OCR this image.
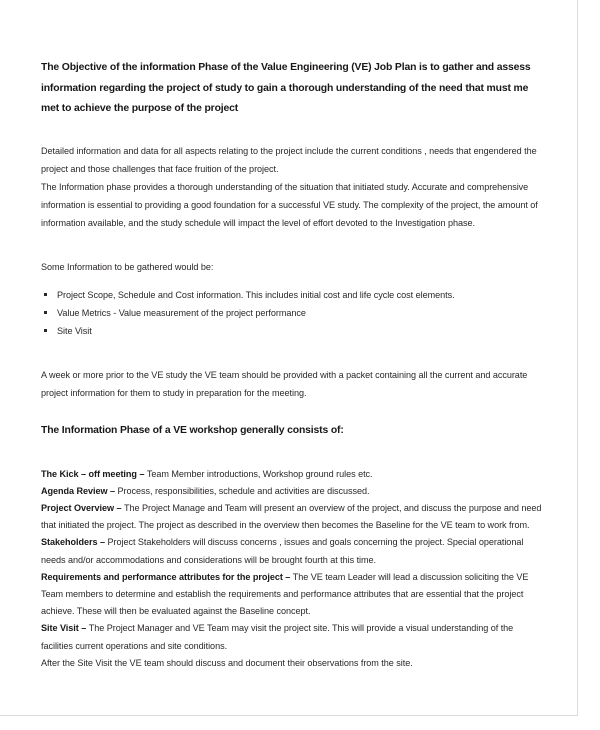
The Objective of the information Phase of the Value Engineering (VE) Job Plan is to gather and assess information regarding the project of study to gain a thorough understanding of the need that must me met to achieve the purpose of the project

Detailed information and data for all aspects relating to the project include the current conditions , needs that engendered the project and those challenges that face fruition of the project.

The Information phase provides a thorough understanding of the situation that initiated study. Accurate and comprehensive information is essential to providing a good foundation for a successful VE study. The complexity of the project, the amount of information available, and the study schedule will impact the level of effort devoted to the Investigation phase.

Some Information to be gathered would be:

Project Scope, Schedule and Cost information. This includes initial cost and life cycle cost elements.
Value Metrics - Value measurement of the project performance
Site Visit

A week or more prior to the VE study the VE team should be provided with a packet containing all the current and accurate project information for them to study in preparation for the meeting.

The Information Phase of a VE workshop generally consists of:

The Kick – off meeting – Team Member introductions, Workshop ground rules etc.

Agenda Review – Process, responsibilities, schedule and activities are discussed.

Project Overview – The Project Manage and Team will present an overview of the project, and discuss the purpose and need that initiated the project. The project as described in the overview then becomes the Baseline for the VE team to work from.

Stakeholders – Project Stakeholders will discuss concerns , issues and goals concerning the project. Special operational needs and/or accommodations and considerations will be brought fourth at this time.

Requirements and performance attributes for the project – The VE team Leader will lead a discussion soliciting the VE Team members to determine and establish the requirements and performance attributes that are essential that the project achieve. These will then be evaluated against the Baseline concept.

Site Visit – The Project Manager and VE Team may visit the project site. This will provide a visual understanding of the facilities current operations and site conditions.

After the Site Visit the VE team should discuss and document their observations from the site.
